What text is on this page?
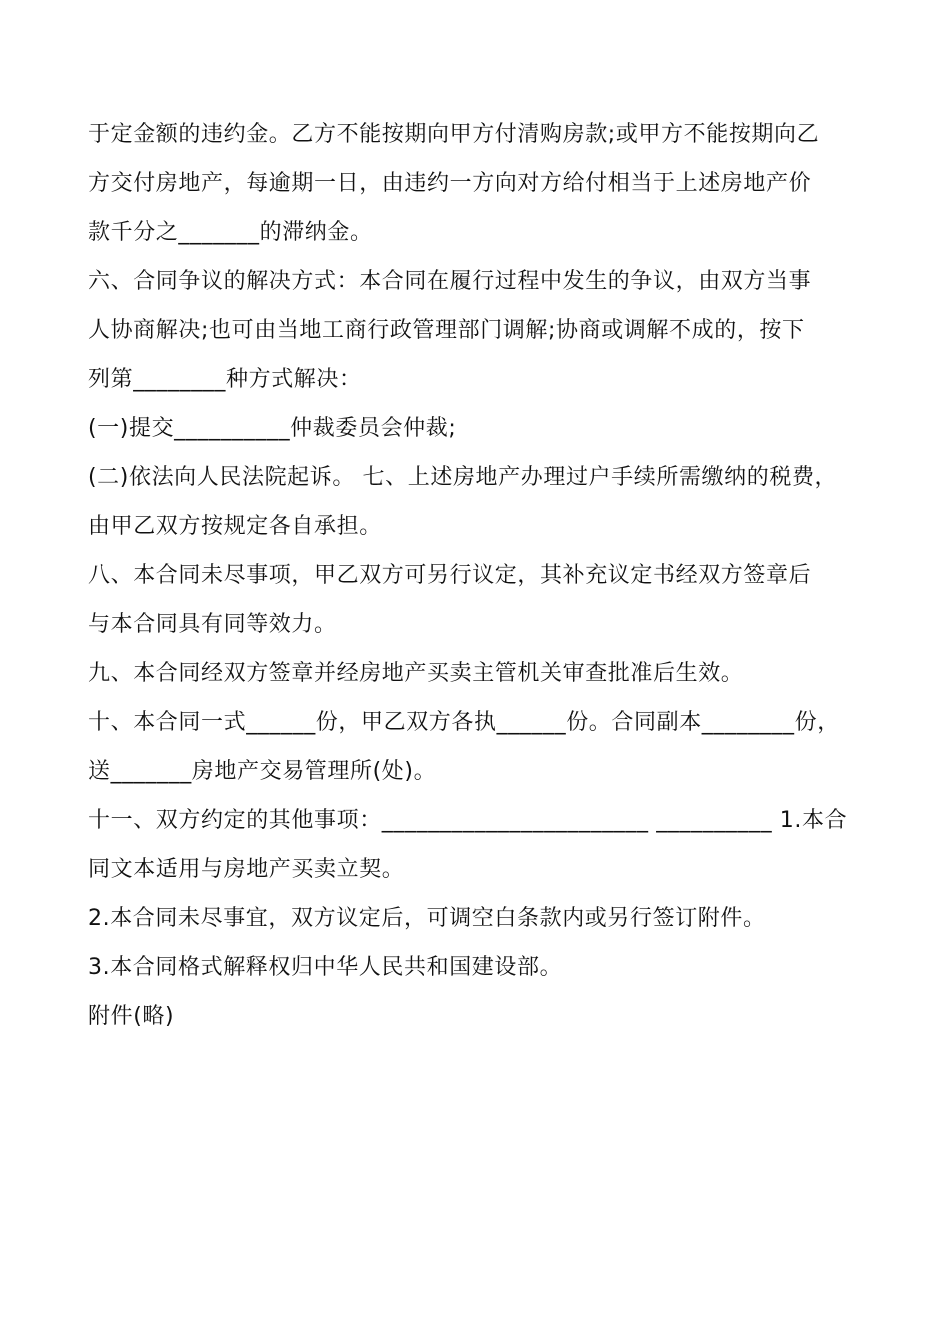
于定金额的违约金。乙方不能按期向甲方付清购房款;或甲方不能按期向乙
方交付房地产，每逾期一日，由违约一方向对方给付相当于上述房地产价
款千分之_______的滞纳金。

六、合同争议的解决方式：本合同在履行过程中发生的争议，由双方当事
人协商解决;也可由当地工商行政管理部门调解;协商或调解不成的，按下
列第________种方式解决：

(一)提交__________仲裁委员会仲裁;

(二)依法向人民法院起诉。 七、上述房地产办理过户手续所需缴纳的税费，
由甲乙双方按规定各自承担。

八、本合同未尽事项，甲乙双方可另行议定，其补充议定书经双方签章后
与本合同具有同等效力。

九、本合同经双方签章并经房地产买卖主管机关审查批准后生效。

十、本合同一式______份，甲乙双方各执______份。合同副本________份，
送_______房地产交易管理所(处)。

十一、双方约定的其他事项：_______________________ __________ 1.本合
同文本适用与房地产买卖立契。

2.本合同未尽事宜，双方议定后，可调空白条款内或另行签订附件。

3.本合同格式解释权归中华人民共和国建设部。

附件(略)
